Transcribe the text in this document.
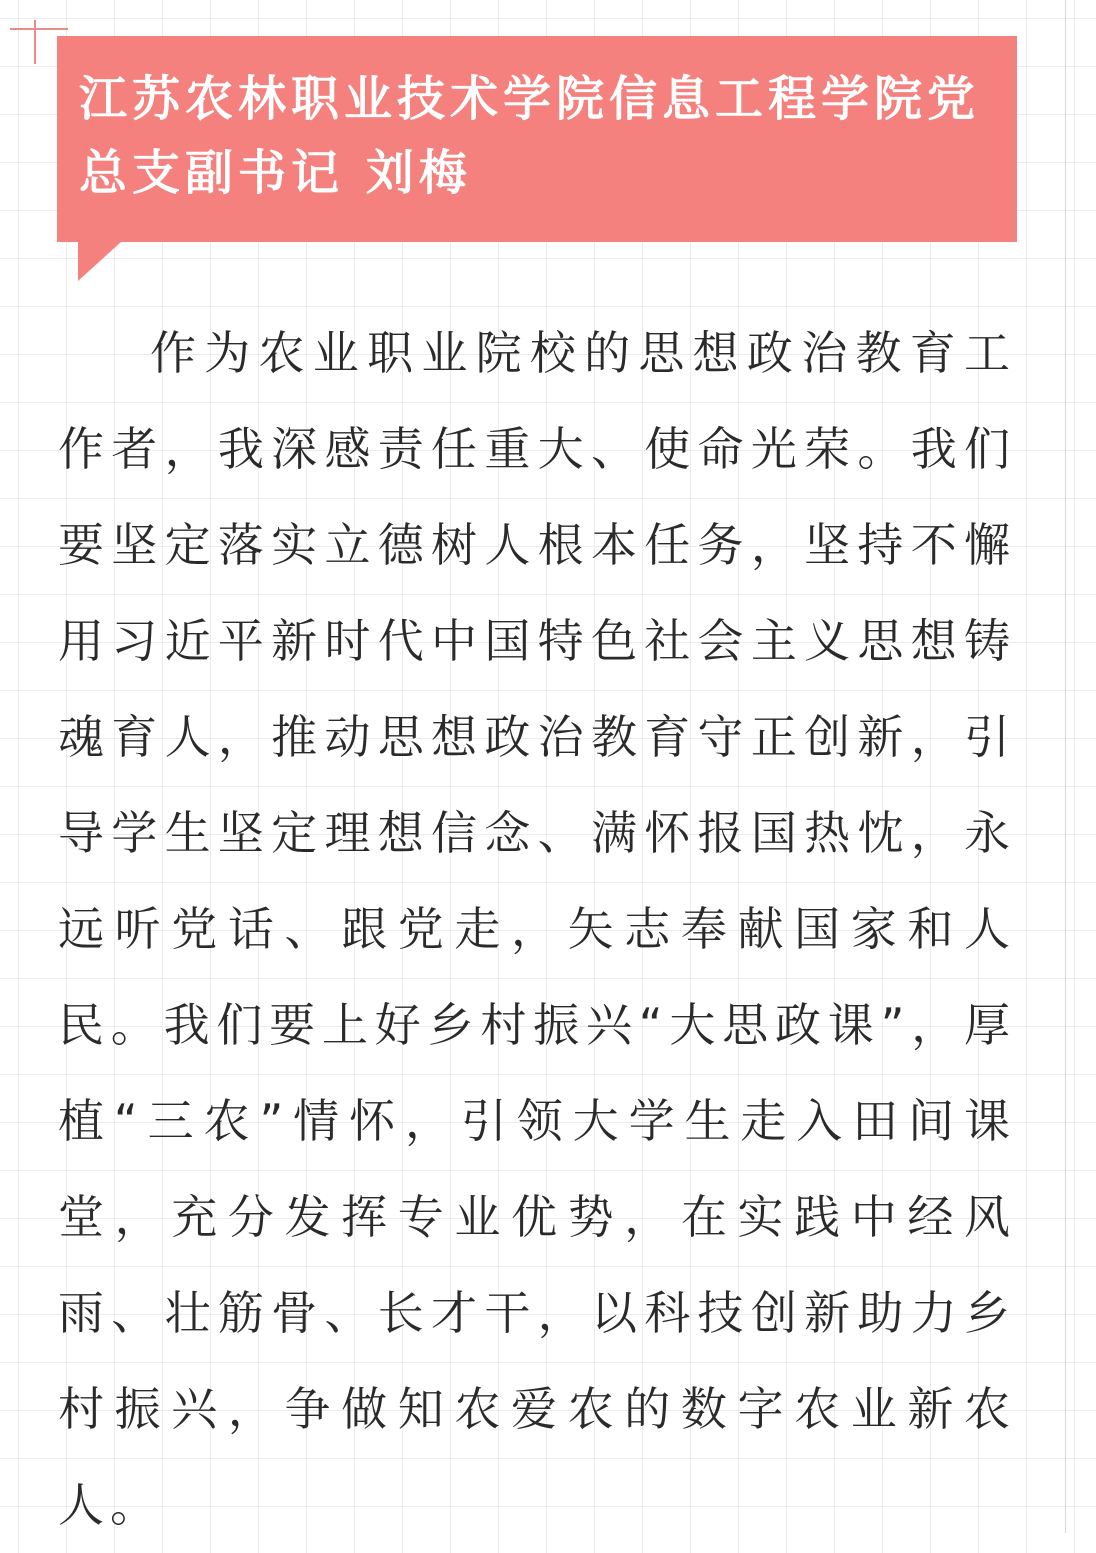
江苏农林职业技术学院信息工程学院党总支副书记 刘梅

作为农业职业院校的思想政治教育工作者，我深感责任重大、使命光荣。我们要坚定落实立德树人根本任务，坚持不懈用习近平新时代中国特色社会主义思想铸魂育人，推动思想政治教育守正创新，引导学生坚定理想信念、满怀报国热忱，永远听党话、跟党走，矢志奉献国家和人民。我们要上好乡村振兴“大思政课”，厚植“三农”情怀，引领大学生走入田间课堂，充分发挥专业优势，在实践中经风雨、壮筋骨、长才干，以科技创新助力乡村振兴，争做知农爱农的数字农业新农人。
